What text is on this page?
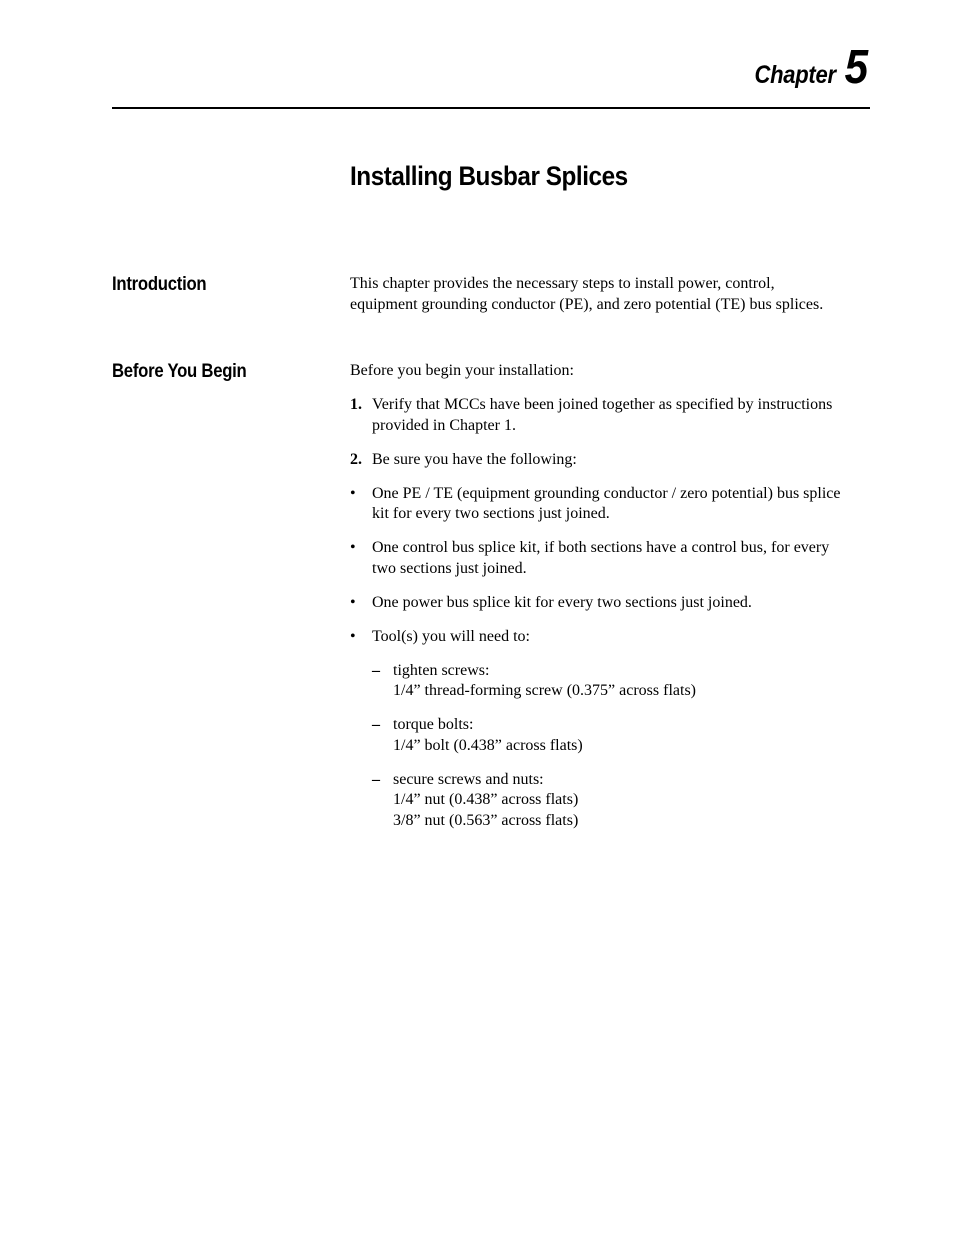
Chapter 5
Installing Busbar Splices
Introduction	This chapter provides the necessary steps to install power, control,
equipment grounding conductor (PE), and zero potential (TE) bus splices.

Before You Begin	Before you begin your installation:

1. Verify that MCCs have been joined together as specified by instructions
provided in Chapter 1.
2. Be sure you have the following:
• One PE / TE (equipment grounding conductor / zero potential) bus splice
kit for every two sections just joined.
• One control bus splice kit, if both sections have a control bus, for every
two sections just joined.
• One power bus splice kit for every two sections just joined.
• Tool(s) you will need to:
– tighten screws:
1/4” thread-forming screw (0.375” across flats)
– torque bolts:
1/4” bolt (0.438” across flats)
– secure screws and nuts:
1/4” nut (0.438” across flats)
3/8” nut (0.563” across flats)
